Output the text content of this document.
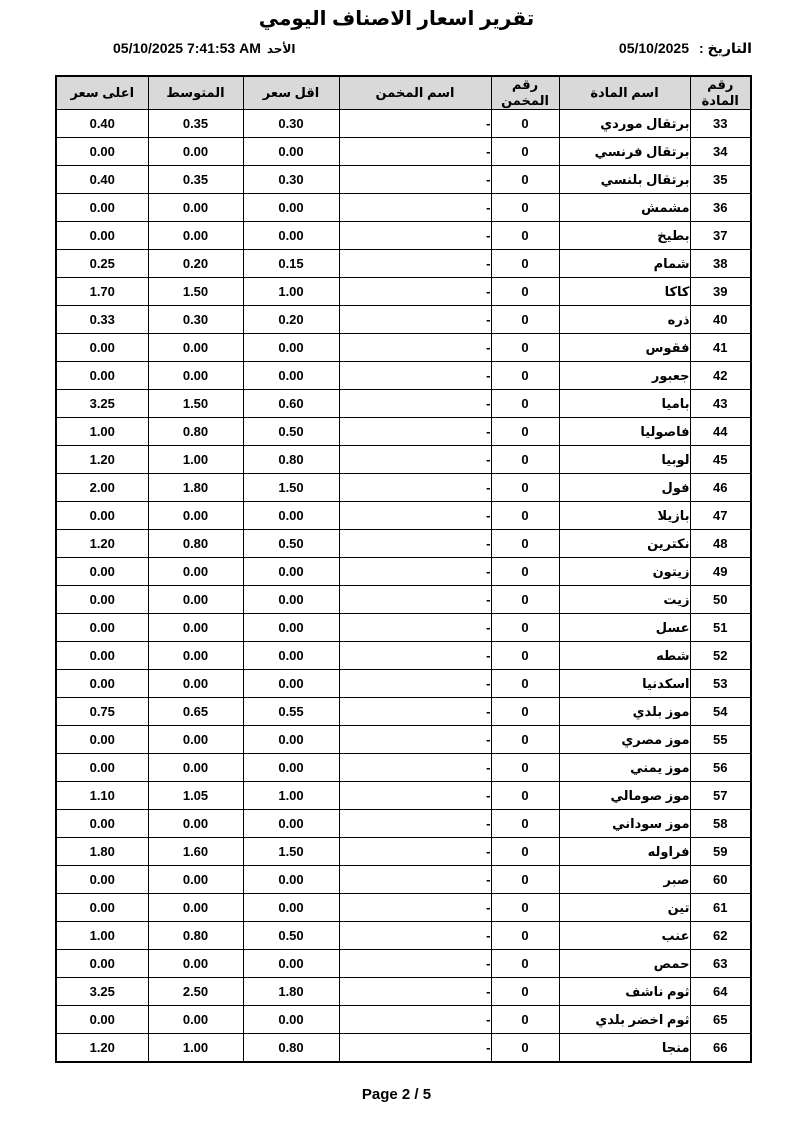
تقرير اسعار الاصناف اليومي
التاريخ :05/10/2025
الأحد05/10/2025 7:41:53 AM
رقم المادة	اسم المادة	رقم المخمن	اسم المخمن	اقل سعر	المتوسط	اعلى سعر
33	برتقال موردي	0	-	0.30	0.35	0.40
34	برتقال فرنسي	0	-	0.00	0.00	0.00
35	برتقال بلنسي	0	-	0.30	0.35	0.40
36	مشمش	0	-	0.00	0.00	0.00
37	بطيخ	0	-	0.00	0.00	0.00
38	شمام	0	-	0.15	0.20	0.25
39	كاكا	0	-	1.00	1.50	1.70
40	ذره	0	-	0.20	0.30	0.33
41	فقوس	0	-	0.00	0.00	0.00
42	جعبور	0	-	0.00	0.00	0.00
43	باميا	0	-	0.60	1.50	3.25
44	فاصوليا	0	-	0.50	0.80	1.00
45	لوبيا	0	-	0.80	1.00	1.20
46	فول	0	-	1.50	1.80	2.00
47	بازيلا	0	-	0.00	0.00	0.00
48	نكترين	0	-	0.50	0.80	1.20
49	زيتون	0	-	0.00	0.00	0.00
50	زيت	0	-	0.00	0.00	0.00
51	عسل	0	-	0.00	0.00	0.00
52	شطه	0	-	0.00	0.00	0.00
53	اسكدنيا	0	-	0.00	0.00	0.00
54	موز بلدي	0	-	0.55	0.65	0.75
55	موز مصري	0	-	0.00	0.00	0.00
56	موز يمني	0	-	0.00	0.00	0.00
57	موز صومالي	0	-	1.00	1.05	1.10
58	موز سوداني	0	-	0.00	0.00	0.00
59	فراوله	0	-	1.50	1.60	1.80
60	صبر	0	-	0.00	0.00	0.00
61	تين	0	-	0.00	0.00	0.00
62	عنب	0	-	0.50	0.80	1.00
63	حمص	0	-	0.00	0.00	0.00
64	ثوم ناشف	0	-	1.80	2.50	3.25
65	ثوم اخضر بلدي	0	-	0.00	0.00	0.00
66	منجا	0	-	0.80	1.00	1.20
Page 2 / 5
